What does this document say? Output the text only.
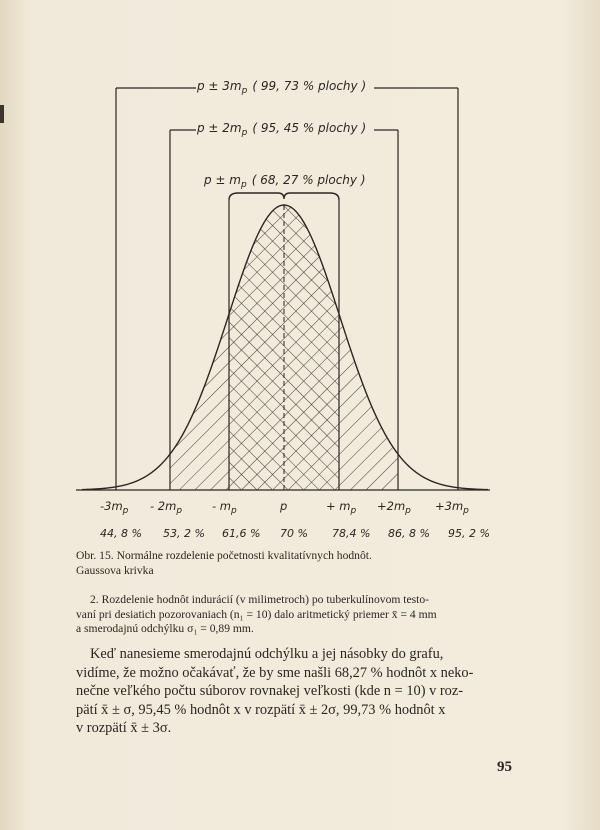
$p \pm 3m_p$ ( 99, 73 % plochy )
$p \pm 2m_p$ ( 95, 45 % plochy )
$p \pm m_p$ ( 68, 27 % plochy )
$-3m_p - 2m_p$	- $m_p$	p	+ $m_p +2m_p +3m_p$
44, 8 % 53, 2 % 61,6 % 70 % 78,4 % 86, 8 % 95, 2 %
Obr. 15. Normálne rozdelenie početnosti kvalitatívnych hodnôt.
Gaussova krivka
2. Rozdelenie hodnôt indurácií (v milimetroch) po tuberkulínovom testo-
vaní pri desiatich pozorovaniach (n₁ = 10) dalo aritmetický priemer x̄ = 4 mm
a smerodajnú odchýlku σ₁ = 0,89 mm.
Keď nanesieme smerodajnú odchýlku a jej násobky do grafu,
vidíme, že možno očakávať, že by sme našli 68,27 % hodnôt x neko-
nečne veľkého počtu súborov rovnakej veľkosti (kde n = 10) v roz-
pätí x̄ ± σ, 95,45 % hodnôt x v rozpätí x̄ ± 2σ, 99,73 % hodnôt x
v rozpätí x̄ ± 3σ.
95
